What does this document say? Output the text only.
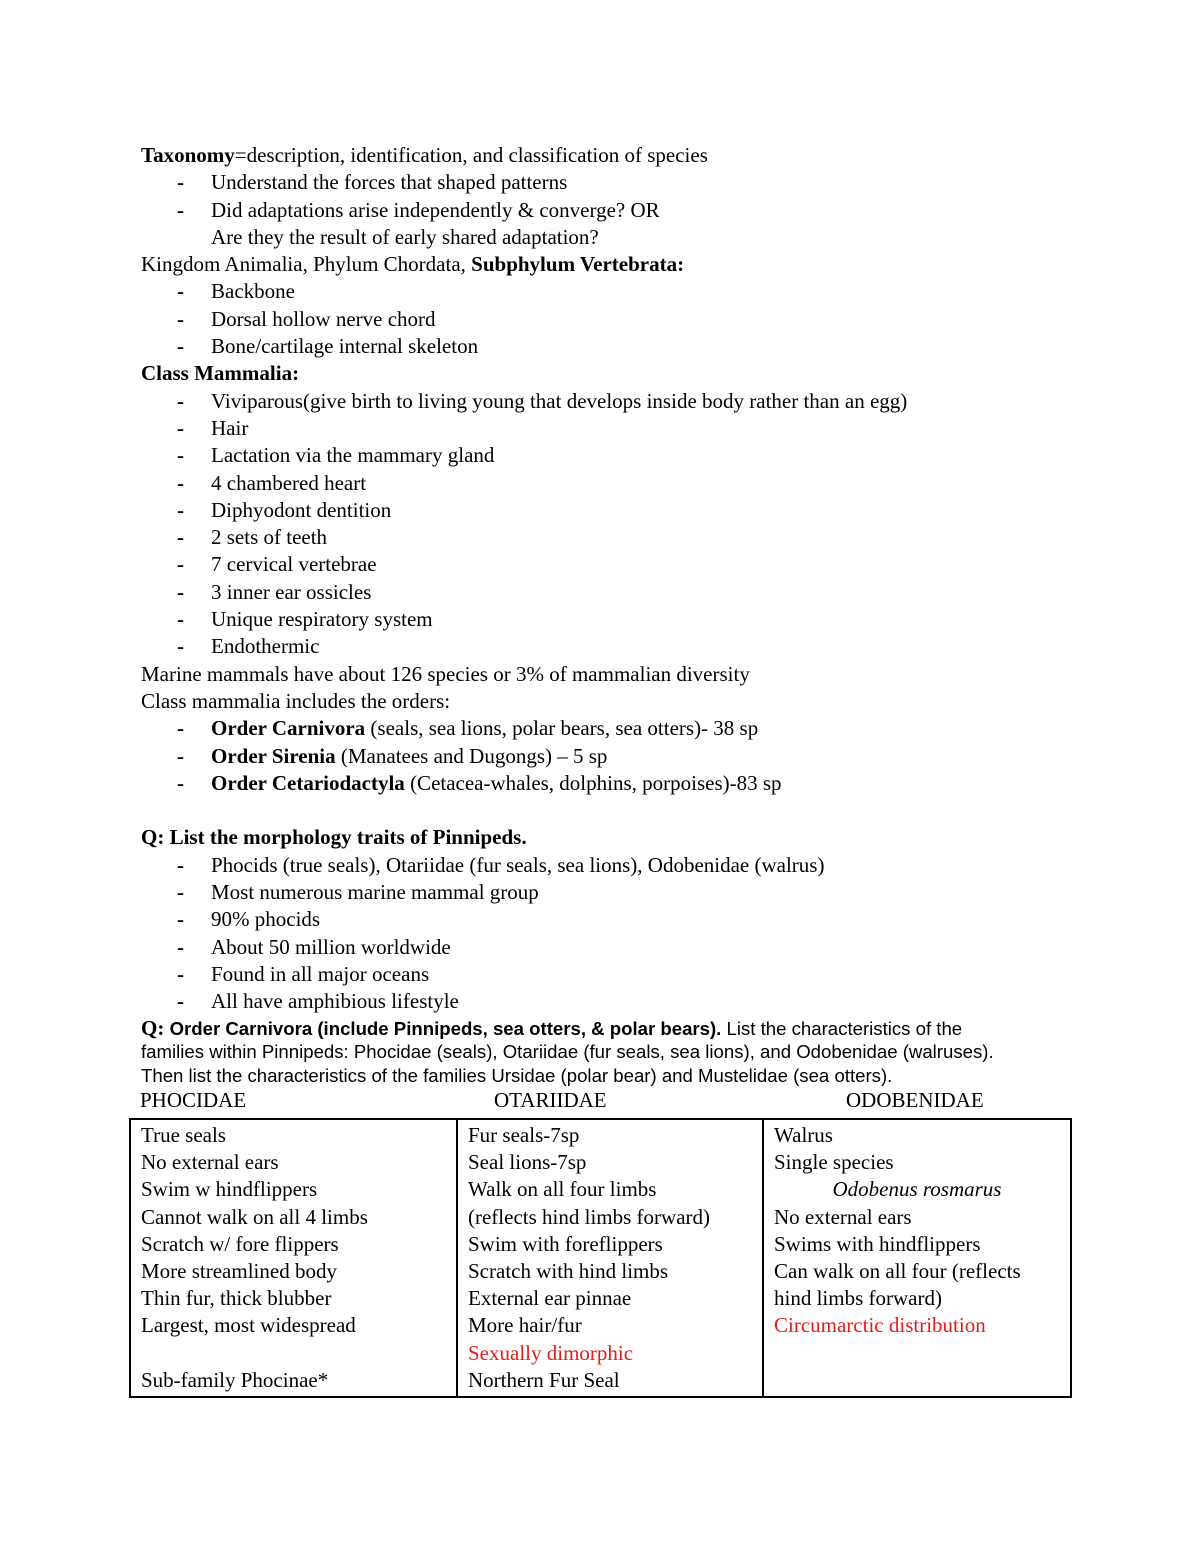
Taxonomy=description, identification, and classification of species
- Understand the forces that shaped patterns
- Did adaptations arise independently & converge? OR
Are they the result of early shared adaptation?
Kingdom Animalia, Phylum Chordata, Subphylum Vertebrata:
- Backbone
- Dorsal hollow nerve chord
- Bone/cartilage internal skeleton
Class Mammalia:
- Viviparous(give birth to living young that develops inside body rather than an egg)
- Hair
- Lactation via the mammary gland
- 4 chambered heart
- Diphyodont dentition
- 2 sets of teeth
- 7 cervical vertebrae
- 3 inner ear ossicles
- Unique respiratory system
- Endothermic
Marine mammals have about 126 species or 3% of mammalian diversity
Class mammalia includes the orders:
- Order Carnivora (seals, sea lions, polar bears, sea otters)- 38 sp
- Order Sirenia (Manatees and Dugongs) – 5 sp
- Order Cetariodactyla (Cetacea-whales, dolphins, porpoises)-83 sp
Q: List the morphology traits of Pinnipeds.
- Phocids (true seals), Otariidae (fur seals, sea lions), Odobenidae (walrus)
- Most numerous marine mammal group
- 90% phocids
- About 50 million worldwide
- Found in all major oceans
- All have amphibious lifestyle
Q: Order Carnivora (include Pinnipeds, sea otters, & polar bears). List the characteristics of the
families within Pinnipeds: Phocidae (seals), Otariidae (fur seals, sea lions), and Odobenidae (walruses).
Then list the characteristics of the families Ursidae (polar bear) and Mustelidae (sea otters).
PHOCIDAE	OTARIIDAE	ODOBENIDAE
True seals
No external ears
Swim w hindflippers
Cannot walk on all 4 limbs
Scratch w/ fore flippers
More streamlined body
Thin fur, thick blubber
Largest, most widespread
Sub-family Phocinae*

Fur seals-7sp
Seal lions-7sp
Walk on all four limbs
(reflects hind limbs forward)
Swim with foreflippers
Scratch with hind limbs
External ear pinnae
More hair/fur
Sexually dimorphic
Northern Fur Seal

Walrus
Single species
Odobenus rosmarus
No external ears
Swims with hindflippers
Can walk on all four (reflects
hind limbs forward)
Circumarctic distribution
